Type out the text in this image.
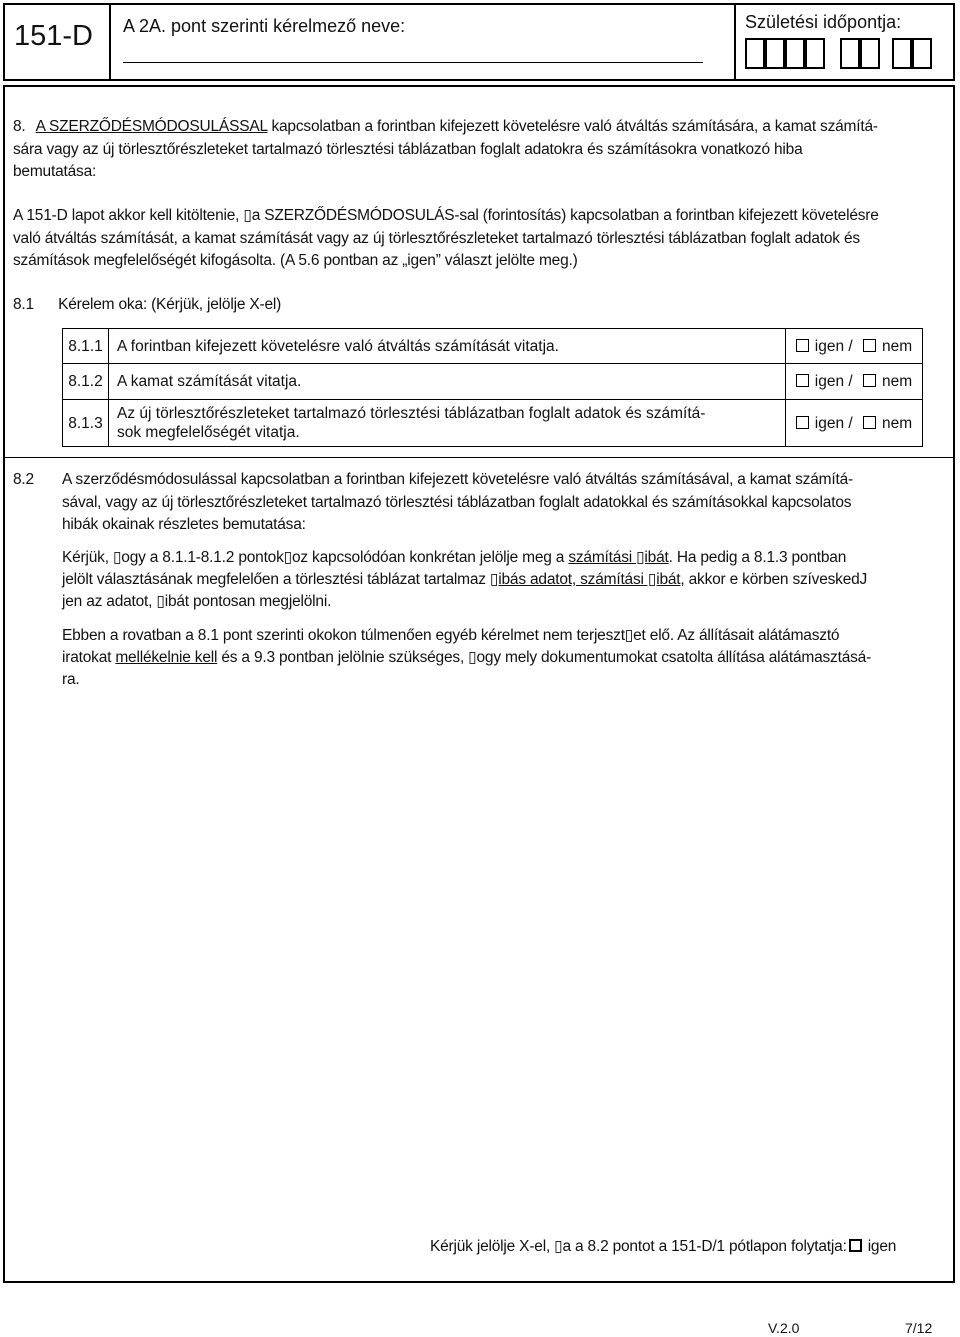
151-D A 2A. pont szerinti kérelmező neve:	Születési időpontja:
8. A SZERZŐDÉSMÓDOSULÁSSAL kapcsolatban a forintban kifejezett követelésre való átváltás számítására, a kamat számítá-
sára vagy az új törlesztőrészleteket tartalmazó törlesztési táblázatban foglalt adatokra és számításokra vonatkozó hiba
bemutatása:
A 151-D lapot akkor kell kitöltenie, ▯a SZERZŐDÉSMÓDOSULÁS-sal (forintosítás) kapcsolatban a forintban kifejezett követelésre
való átváltás számítását, a kamat számítását vagy az új törlesztőrészleteket tartalmazó törlesztési táblázatban foglalt adatok és
számítások megfelelőségét kifogásolta. (A 5.6 pontban az „igen” választ jelölte meg.)
8.1 Kérelem oka: (Kérjük, jelölje X-el)
8.1.1	A forintban kifejezett követelésre való átváltás számítását vitatja.	igen / nem
8.1.2	A kamat számítását vitatja.	igen / nem
8.1.3	Az új törlesztőrészleteket tartalmazó törlesztési táblázatban foglalt adatok és számítá-
sok megfelelőségét vitatja.	igen / nem
8.2 A szerződésmódosulással kapcsolatban a forintban kifejezett követelésre való átváltás számításával, a kamat számítá-
sával, vagy az új törlesztőrészleteket tartalmazó törlesztési táblázatban foglalt adatokkal és számításokkal kapcsolatos
hibák okainak részletes bemutatása:
Kérjük, ▯ogy a 8.1.1-8.1.2 pontok▯oz kapcsolódóan konkrétan jelölje meg a számítási ▯ibát. Ha pedig a 8.1.3 pontban
jelölt választásának megfelelően a törlesztési táblázat tartalmaz ▯ibás adatot, számítási ▯ibát, akkor e körben szíveskedJ
jen az adatot, ▯ibát pontosan megjelölni.
Ebben a rovatban a 8.1 pont szerinti okokon túlmenően egyéb kérelmet nem terjeszt▯et elő. Az állításait alátámasztó
iratokat mellékelnie kell és a 9.3 pontban jelölnie szükséges, ▯ogy mely dokumentumokat csatolta állítása alátámasztásá-
ra.
Kérjük jelölje X-el, ▯a a 8.2 pontot a 151-D/1 pótlapon folytatja: igen
V.2.0	7/12
